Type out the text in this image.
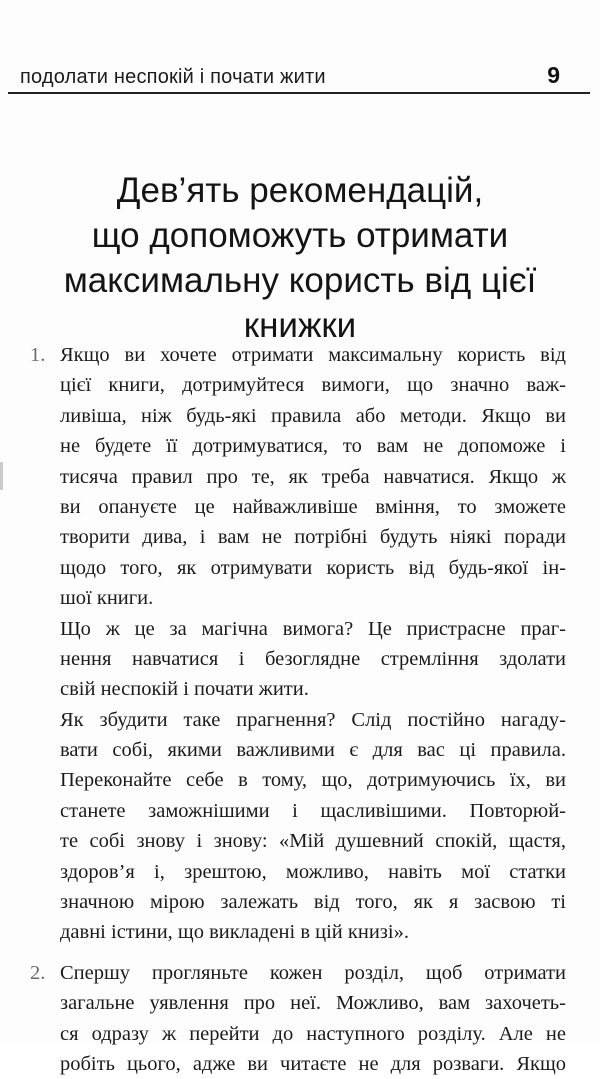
подолати неспокій і почати жити	9
Дев’ять рекомендацій,
що допоможуть отримати
максимальну користь від цієї
книжки
1. Якщо ви хочете отримати максимальну користь від
цієї книги, дотримуйтеся вимоги, що значно важ-
ливіша, ніж будь-які правила або методи. Якщо ви
не будете її дотримуватися, то вам не допоможе і
тисяча правил про те, як треба навчатися. Якщо ж
ви опануєте це найважливіше вміння, то зможете
творити дива, і вам не потрібні будуть ніякі поради
щодо того, як отримувати користь від будь-якої ін-
шої книги.
Що ж це за магічна вимога? Це пристрасне праг-
нення навчатися і безоглядне стремління здолати
свій неспокій і почати жити.
Як збудити таке прагнення? Слід постійно нагаду-
вати собі, якими важливими є для вас ці правила.
Переконайте себе в тому, що, дотримуючись їх, ви
станете заможнішими і щасливішими. Повторюй-
те собі знову і знову: «Мій душевний спокій, щастя,
здоров’я і, зрештою, можливо, навіть мої статки
значною мірою залежать від того, як я засвою ті
давні істини, що викладені в цій книзі».
2. Спершу прогляньте кожен розділ, щоб отримати
загальне уявлення про неї. Можливо, вам захочеть-
ся одразу ж перейти до наступного розділу. Але не
робіть цього, адже ви читаєте не для розваги. Якщо
